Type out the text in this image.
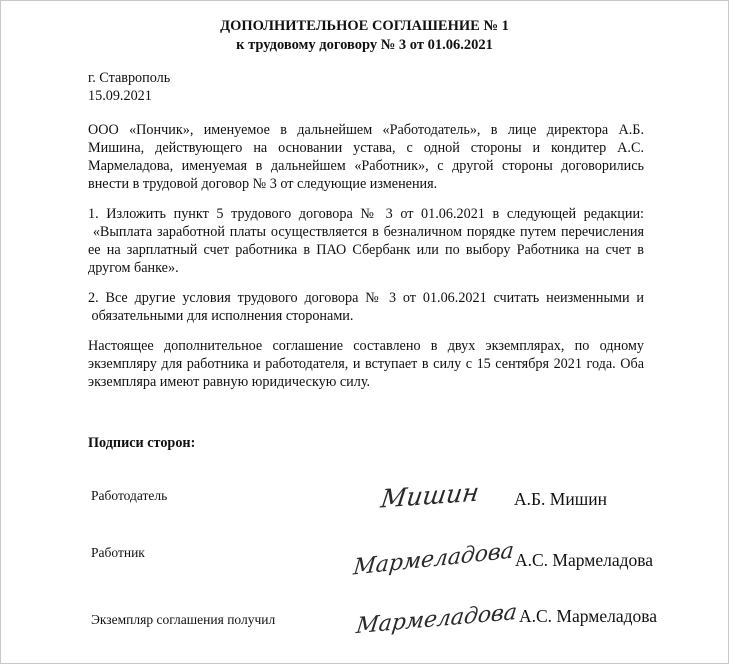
ДОПОЛНИТЕЛЬНОЕ СОГЛАШЕНИЕ № 1
к трудовому договору № 3 от 01.06.2021
г. Ставрополь
15.09.2021
ООО «Пончик», именуемое в дальнейшем «Работодатель», в лице директора А.Б.
Мишина, действующего на основании устава, с одной стороны и кондитер А.С.
Мармеладова, именуемая в дальнейшем «Работник», с другой стороны договорились
внести в трудовой договор № 3 от следующие изменения.
1. Изложить пункт 5 трудового договора № 3 от 01.06.2021 в следующей редакции:
«Выплата заработной платы осуществляется в безналичном порядке путем перечисления
ее на зарплатный счет работника в ПАО Сбербанк или по выбору Работника на счет в
другом банке».
2. Все другие условия трудового договора № 3 от 01.06.2021 считать неизменными и
обязательными для исполнения сторонами.
Настоящее дополнительное соглашение составлено в двух экземплярах, по одному
экземпляру для работника и работодателя, и вступает в силу с 15 сентября 2021 года. Оба
экземпляра имеют равную юридическую силу.
Подписи сторон:
Работодатель	Мишин А.Б. Мишин
Работник	Мармеладова А.С. Мармеладова
Экземпляр соглашения получил	Мармеладова А.С. Мармеладова
